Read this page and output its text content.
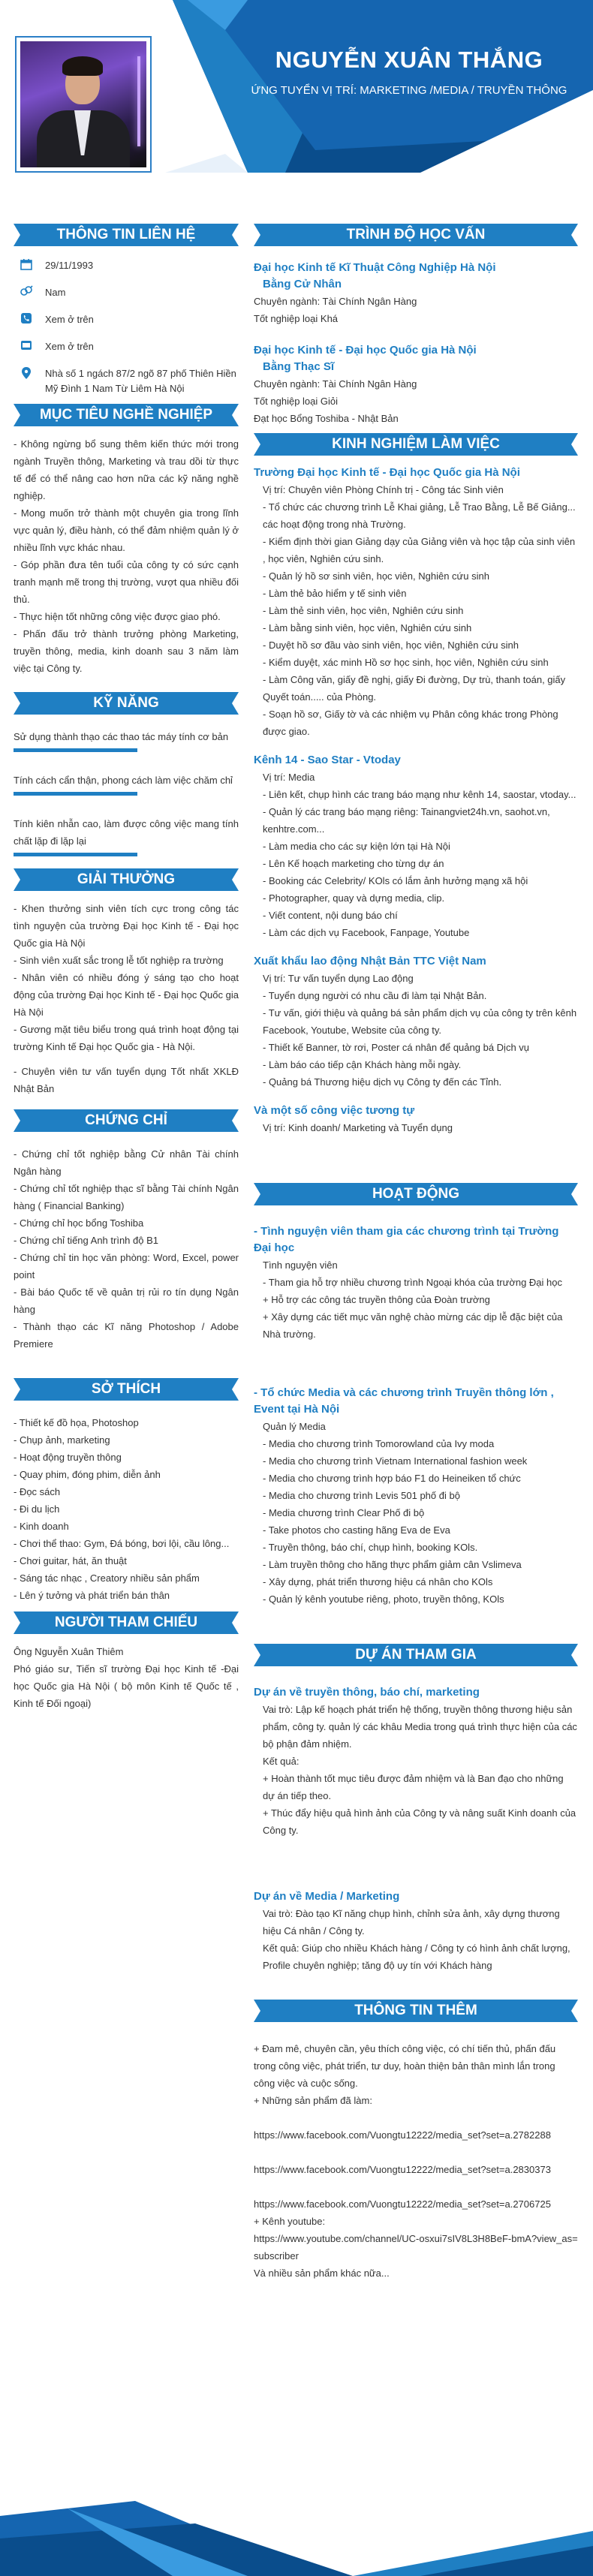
NGUYỄN XUÂN THẮNG
ỨNG TUYỂN VỊ TRÍ: MARKETING /MEDIA / TRUYỀN THÔNG
THÔNG TIN LIÊN HỆ
29/11/1993
Nam
Xem ở trên
Xem ở trên
Nhà số 1 ngách 87/2 ngõ 87 phố Thiên Hiền Mỹ Đình 1 Nam Từ Liêm Hà Nội
MỤC TIÊU NGHỀ NGHIỆP

- Không ngừng bổ sung thêm kiến thức mới trong ngành Truyền thông, Marketing và trau dồi từ thực tế để có thể nâng cao hơn nữa các kỹ năng nghề nghiệp.

- Mong muốn trở thành một chuyên gia trong lĩnh vực quản lý, điều hành, có thể đảm nhiệm quản lý ở nhiều lĩnh vực khác nhau.

- Góp phần đưa tên tuổi của công ty có sức cạnh tranh mạnh mẽ trong thị trường, vượt qua nhiều đối thủ.

- Thực hiện tốt những công việc được giao phó.

- Phấn đấu trở thành trưởng phòng Marketing, truyền thông, media, kinh doanh sau 3 năm làm việc tại Công ty.

KỸ NĂNG

Sử dụng thành thạo các thao tác máy tính cơ bản

Tính cách cẩn thận, phong cách làm việc chăm chỉ

Tính kiên nhẫn cao, làm được công việc mang tính chất lặp đi lặp lại

GIẢI THƯỞNG

- Khen thưởng sinh viên tích cực trong công tác tình nguyện của trường Đại học Kinh tế - Đại học Quốc gia Hà Nội

- Sinh viên xuất sắc trong lễ tốt nghiệp ra trường

- Nhân viên có nhiều đóng ý sáng tạo cho hoạt động của trường Đại học Kinh tế - Đại học Quốc gia Hà Nội

- Gương mặt tiêu biểu trong quá trình hoạt động tại trường Kinh tế Đại học Quốc gia - Hà Nội.

- Chuyên viên tư vấn tuyển dụng Tốt nhất XKLĐ Nhật Bản

CHỨNG CHỈ

- Chứng chỉ tốt nghiệp bằng Cử nhân Tài chính Ngân hàng

- Chứng chỉ tốt nghiệp thạc sĩ bằng Tài chính Ngân hàng ( Financial Banking)

- Chứng chỉ học bổng Toshiba

- Chứng chỉ tiếng Anh trình độ B1

- Chứng chỉ tin học văn phòng: Word, Excel, power point

- Bài báo Quốc tế về quản trị rủi ro tín dụng Ngân hàng

- Thành thạo các Kĩ năng Photoshop / Adobe Premiere

SỞ THÍCH

- Thiết kế đồ họa, Photoshop

- Chụp ảnh, marketing

- Hoạt động truyền thông

- Quay phim, đóng phim, diễn ảnh

- Đọc sách

- Đi du lịch

- Kinh doanh

- Chơi thể thao: Gym, Đá bóng, bơi lội, cầu lông...

- Chơi guitar, hát, ăn thuật

- Sáng tác nhạc , Creatory nhiều sản phẩm

- Lên ý tưởng và phát triển bán thân

NGƯỜI THAM CHIẾU

Ông Nguyễn Xuân Thiêm

Phó giáo sư, Tiến sĩ trường Đại học Kinh tế -Đại học Quốc gia Hà Nội ( bộ môn Kinh tế Quốc tế , Kinh tế Đối ngoại)

TRÌNH ĐỘ HỌC VẤN

Đại học Kinh tế Kĩ Thuật Công Nghiệp Hà Nội

Bằng Cử Nhân

Chuyên ngành: Tài Chính Ngân Hàng

Tốt nghiệp loại Khá

Đại học Kinh tế - Đại học Quốc gia Hà Nội

Bằng Thạc Sĩ

Chuyên ngành: Tài Chính Ngân Hàng

Tốt nghiệp loại Giỏi

Đạt học Bổng Toshiba - Nhật Bản

KINH NGHIỆM LÀM VIỆC

Trường Đại học Kinh tế - Đại học Quốc gia Hà Nội

Vị trí: Chuyên viên Phòng Chính trị - Công tác Sinh viên

- Tổ chức các chương trình Lễ Khai giảng, Lễ Trao Bằng, Lễ Bế Giảng... các hoạt động trong nhà Trường.

- Kiểm định thời gian Giảng dạy của Giảng viên và học tập của sinh viên , học viên, Nghiên cứu sinh.

- Quản lý hồ sơ sinh viên, học viên, Nghiên cứu sinh

- Làm thẻ bảo hiểm y tế sinh viên

- Làm thẻ sinh viên, học viên, Nghiên cứu sinh

- Làm bằng sinh viên, học viên, Nghiên cứu sinh

- Duyệt hồ sơ đầu vào sinh viên, học viên, Nghiên cứu sinh

- Kiểm duyệt, xác minh Hồ sơ học sinh, học viên, Nghiên cứu sinh

- Làm Công văn, giấy đề nghị, giấy Đi đường, Dự trù, thanh toán, giấy Quyết toán..... của Phòng.

- Soạn hồ sơ, Giấy tờ và các nhiệm vụ Phân công khác trong Phòng được giao.

Kênh 14 - Sao Star - Vtoday

Vị trí: Media

- Liên kết, chụp hình các trang báo mạng như kênh 14, saostar, vtoday...

- Quản lý các trang báo mạng riêng: Tainangviet24h.vn, saohot.vn, kenhtre.com...

- Làm media cho các sự kiện lớn tại Hà Nội

- Lên Kế hoạch marketing cho từng dự án

- Booking các Celebrity/ KOls có lắm ảnh hưởng mạng xã hội

- Photographer, quay và dựng media, clip.

- Viết content, nội dung báo chí

- Làm các dịch vụ Facebook, Fanpage, Youtube

Xuất khẩu lao động Nhật Bản TTC Việt Nam

Vị trí: Tư vấn tuyển dụng Lao động

- Tuyển dụng người có nhu cầu đi làm tại Nhật Bản.

- Tư vấn, giới thiệu và quảng bá sản phẩm dịch vụ của công ty trên kênh Facebook, Youtube, Website của công ty.

- Thiết kế Banner, tờ rơi, Poster cá nhân để quảng bá Dịch vụ

- Làm báo cáo tiếp cận Khách hàng mỗi ngày.

- Quảng bá Thương hiệu dịch vụ Công ty đến các Tỉnh.

Và một số công việc tương tự

Vị trí: Kinh doanh/ Marketing và Tuyển dụng

HOẠT ĐỘNG

- Tình nguyện viên tham gia các chương trình tại Trường Đại học

Tình nguyện viên

- Tham gia hỗ trợ nhiều chương trình Ngoại khóa của trường Đại học

+ Hỗ trợ các công tác truyền thông của Đoàn trường

+ Xây dựng các tiết mục văn nghệ chào mừng các dịp lễ đặc biệt của Nhà trường.

- Tổ chức Media và các chương trình Truyền thông lớn , Event tại Hà Nội

Quản lý Media

- Media cho chương trình Tomorowland của Ivy moda

- Media cho chương trình Vietnam International fashion week

- Media cho chương trình hợp báo F1 do Heineiken tổ chức

- Media cho chương trình Levis 501 phố đi bộ

- Media chương trình Clear Phố đi bộ

- Take photos cho casting hãng Eva de Eva

- Truyền thông, báo chí, chụp hình, booking KOls.

- Làm truyền thông cho hãng thực phẩm giảm cân Vslimeva

- Xây dựng, phát triển thương hiệu cá nhân cho KOls

- Quản lý kênh youtube riêng, photo, truyền thông, KOls

DỰ ÁN THAM GIA

Dự án về truyền thông, báo chí, marketing

Vai trò: Lập kế hoạch phát triển hệ thống, truyền thông thương hiệu sản phẩm, công ty. quản lý các khâu Media trong quá trình thực hiện của các bộ phận đảm nhiệm.

Kết quả:

+ Hoàn thành tốt mục tiêu được đảm nhiệm và là Ban đạo cho những dự án tiếp theo.

+ Thúc đẩy hiệu quả hình ảnh của Công ty và nâng suất Kinh doanh của Công ty.

Dự án về Media / Marketing

Vai trò: Đào tạo Kĩ năng chụp hình, chỉnh sửa ảnh, xây dựng thương hiệu Cá nhân / Công ty.

Kết quả: Giúp cho nhiều Khách hàng / Công ty có hình ảnh chất lượng, Profile chuyên nghiệp; tăng độ uy tín với Khách hàng

THÔNG TIN THÊM

+ Đam mê, chuyên cần, yêu thích công việc, có chí tiến thủ, phấn đấu trong công việc, phát triển, tư duy, hoàn thiện bản thân mình lắn trong công việc và cuộc sống.

+ Những sản phẩm đã làm:

https://www.facebook.com/Vuongtu12222/media_set?set=a.2782288

https://www.facebook.com/Vuongtu12222/media_set?set=a.2830373

https://www.facebook.com/Vuongtu12222/media_set?set=a.2706725

+ Kênh youtube:

https://www.youtube.com/channel/UC-osxui7sIV8L3H8BeF-bmA?view_as=subscriber

Và nhiều sản phẩm khác nữa...
